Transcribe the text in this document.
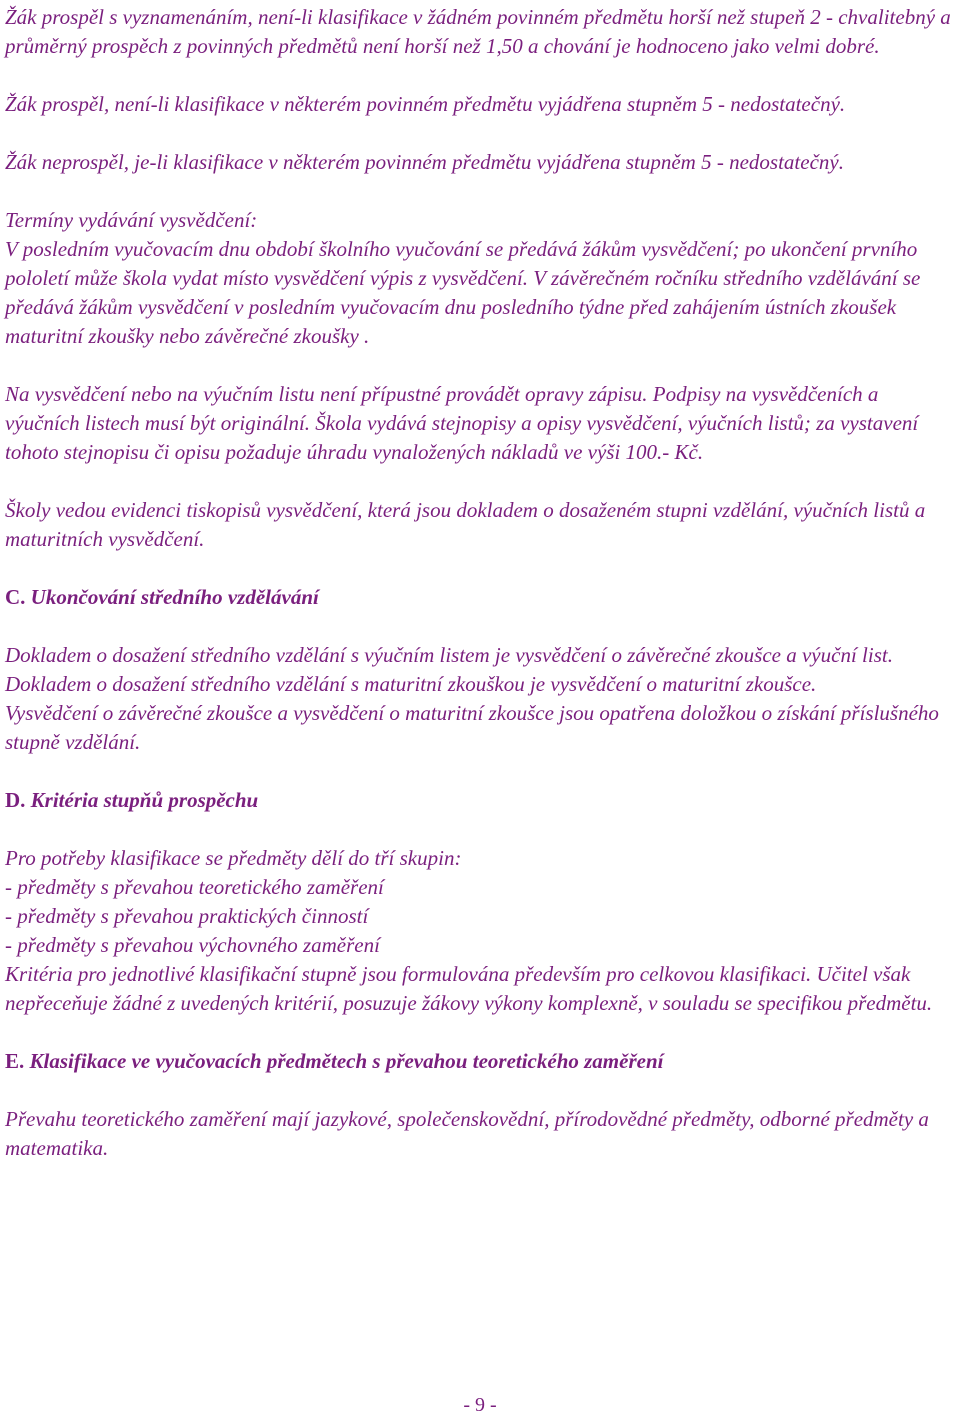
Žák prospěl s vyznamenáním, není-li klasifikace v žádném povinném předmětu horší než stupeň 2 - chvalitebný a průměrný prospěch z povinných předmětů není horší než 1,50 a chování je hodnoceno jako velmi dobré.

Žák prospěl, není-li klasifikace v některém povinném předmětu vyjádřena stupněm 5 - nedostatečný.

Žák neprospěl, je-li klasifikace v některém povinném předmětu vyjádřena stupněm 5 - nedostatečný.

Termíny vydávání vysvědčení:
V posledním vyučovacím dnu období školního vyučování se předává žákům vysvědčení; po ukončení prvního pololetí může škola vydat místo vysvědčení výpis z vysvědčení. V závěrečném ročníku středního vzdělávání se předává žákům vysvědčení v posledním vyučovacím dnu posledního týdne před zahájením ústních zkoušek maturitní zkoušky nebo závěrečné zkoušky .

Na vysvědčení nebo na výučním listu není přípustné provádět opravy zápisu. Podpisy na vysvědčeních a výučních listech musí být originální. Škola vydává stejnopisy a opisy vysvědčení, výučních listů; za vystavení tohoto stejnopisu či opisu požaduje úhradu vynaložených nákladů ve výši 100.- Kč.

Školy vedou evidenci tiskopisů vysvědčení, která jsou dokladem o dosaženém stupni vzdělání, výučních listů a maturitních vysvědčení.

C. Ukončování středního vzdělávání

Dokladem o dosažení středního vzdělání s výučním listem je vysvědčení o závěrečné zkoušce a výuční list.
Dokladem o dosažení středního vzdělání s maturitní zkouškou je vysvědčení o maturitní zkoušce.
Vysvědčení o závěrečné zkoušce a vysvědčení o maturitní zkoušce jsou opatřena doložkou o získání příslušného stupně vzdělání.

D. Kritéria stupňů prospěchu

Pro potřeby klasifikace se předměty dělí do tří skupin:
- předměty s převahou teoretického zaměření
- předměty s převahou praktických činností
- předměty s převahou výchovného zaměření
Kritéria pro jednotlivé klasifikační stupně jsou formulována především pro celkovou klasifikaci. Učitel však nepřeceňuje žádné z uvedených kritérií, posuzuje žákovy výkony komplexně, v souladu se specifikou předmětu.

E. Klasifikace ve vyučovacích předmětech s převahou teoretického zaměření

Převahu teoretického zaměření mají jazykové, společenskovědní, přírodovědné předměty, odborné předměty a matematika.

- 9 -
